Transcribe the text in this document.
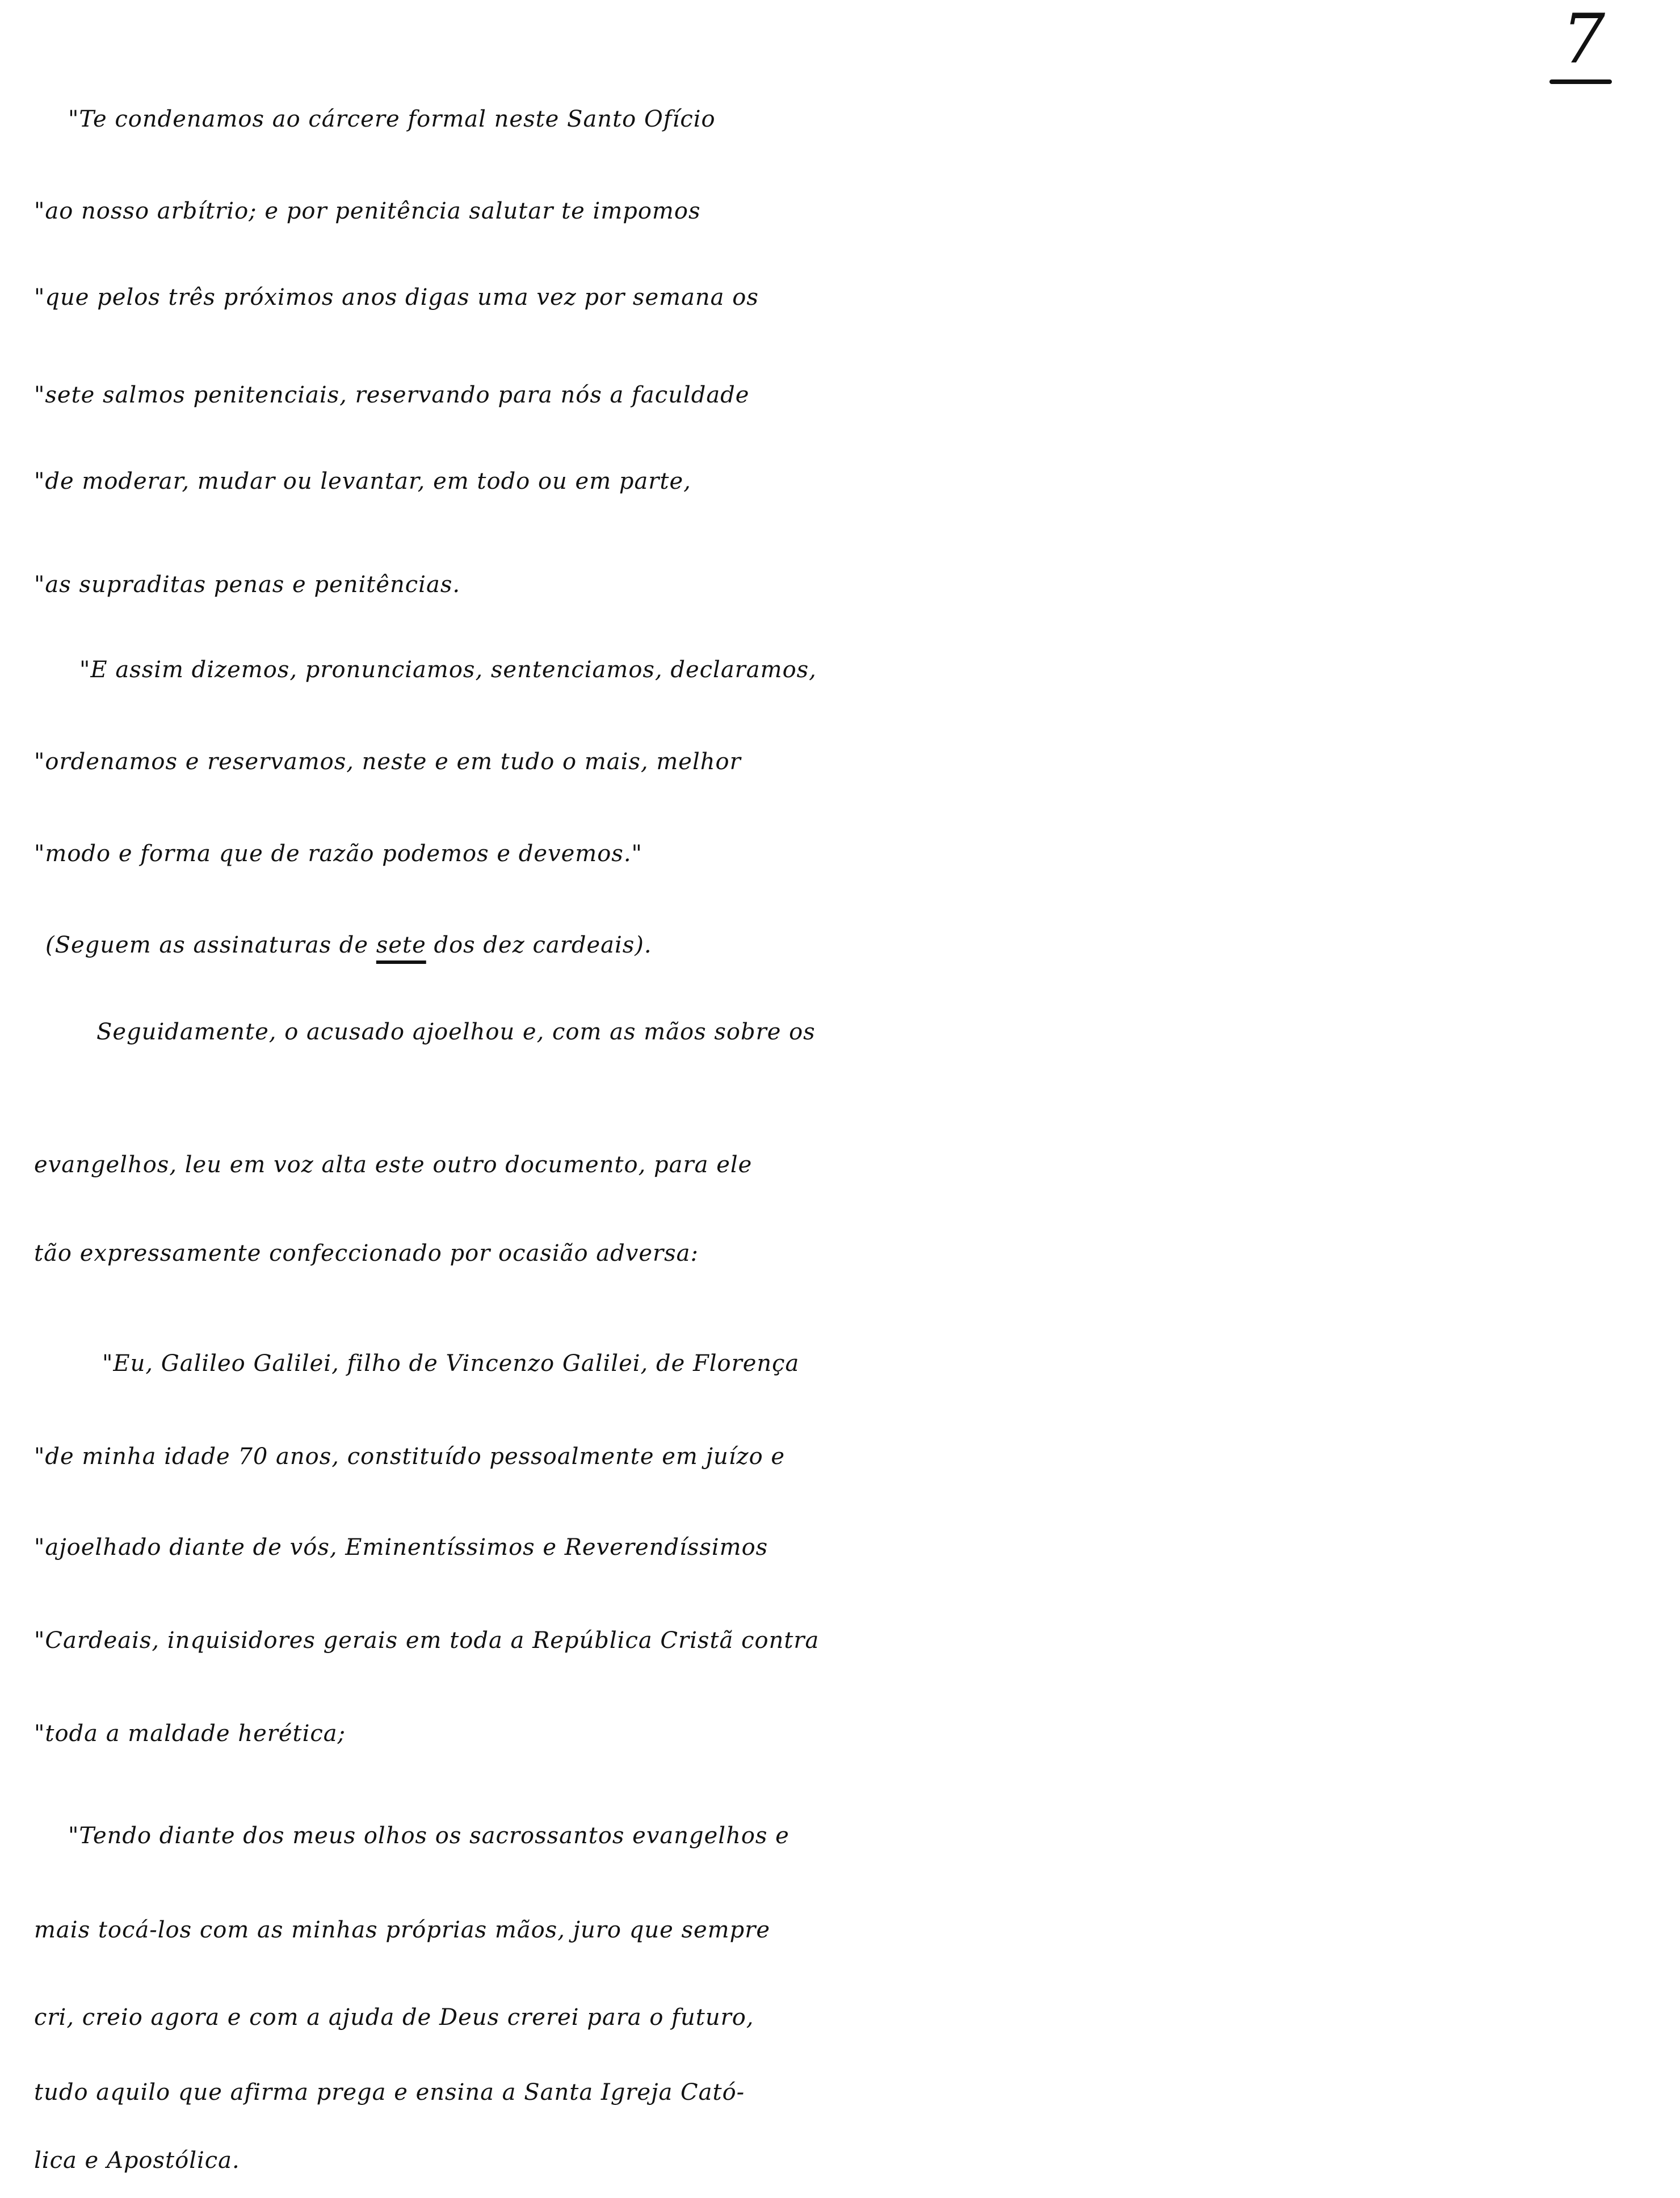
7
"Te condenamos ao cárcere formal neste Santo Ofício
"ao nosso arbítrio; e por penitência salutar te impomos
"que pelos três próximos anos digas uma vez por semana os
"sete salmos penitenciais, reservando para nós a faculdade
"de moderar, mudar ou levantar, em todo ou em parte,
"as supraditas penas e penitências.
"E assim dizemos, pronunciamos, sentenciamos, declaramos,
"ordenamos e reservamos, neste e em tudo o mais, melhor
"modo e forma que de razão podemos e devemos."
(Seguem as assinaturas de sete dos dez cardeais).
Seguidamente, o acusado ajoelhou e, com as mãos sobre os
evangelhos, leu em voz alta este outro documento, para ele
tão expressamente confeccionado por ocasião adversa:
"Eu, Galileo Galilei, filho de Vincenzo Galilei, de Florença
"de minha idade 70 anos, constituído pessoalmente em juízo e
"ajoelhado diante de vós, Eminentíssimos e Reverendíssimos
"Cardeais, inquisidores gerais em toda a República Cristã contra
"toda a maldade herética;
"Tendo diante dos meus olhos os sacrossantos evangelhos e
mais tocá-los com as minhas próprias mãos, juro que sempre
cri, creio agora e com a ajuda de Deus crerei para o futuro,
tudo aquilo que afirma prega e ensina a Santa Igreja Cató-
lica e Apostólica.
